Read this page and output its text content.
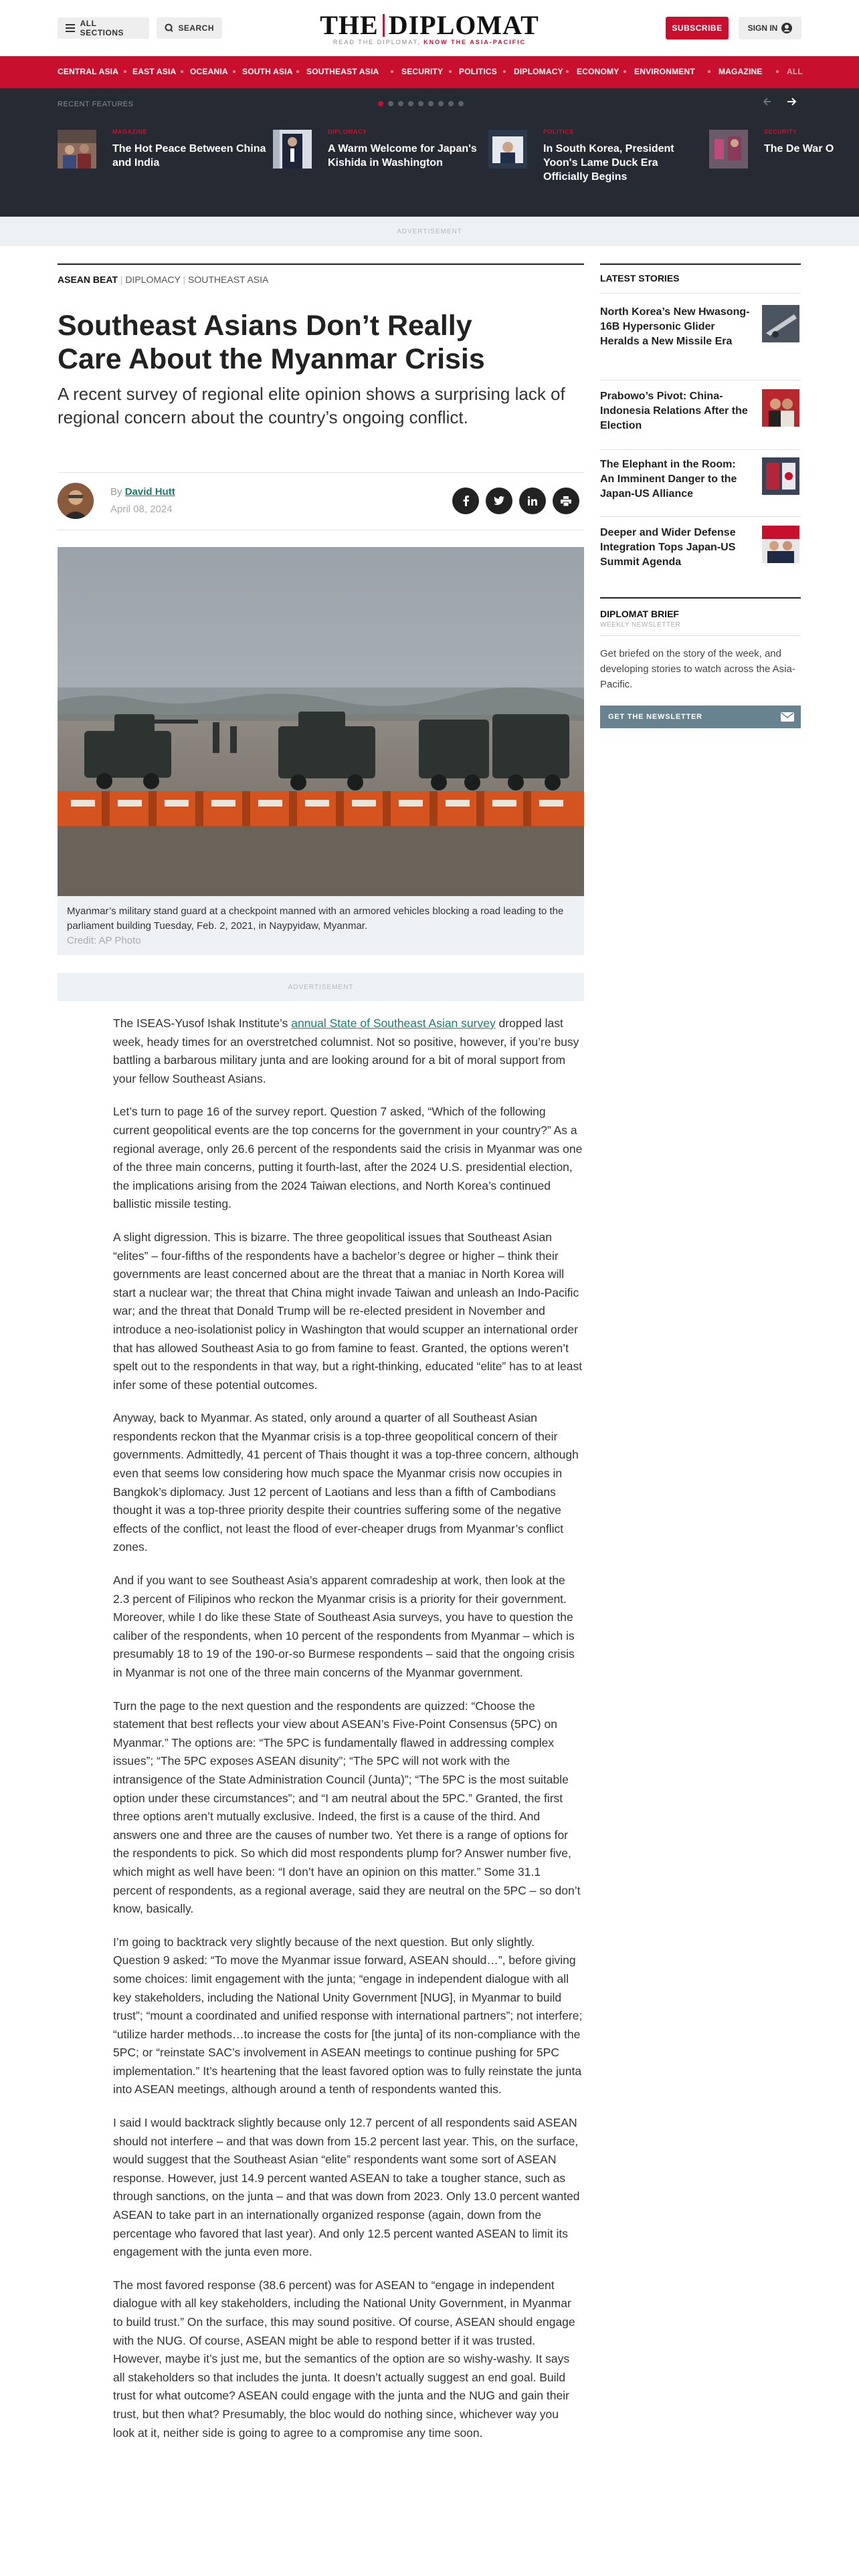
ALL SECTIONS	SEARCH	THE DIPLOMAT
READ THE DIPLOMAT, KNOW THE ASIA-PACIFIC
SUBSCRIBE	SIGN IN
CENTRAL ASIA EAST ASIA OCEANIA SOUTH ASIA SOUTHEAST ASIA	SECURITY POLITICS DIPLOMACY ECONOMY ENVIRONMENT	MAGAZINE	ALL
RECENT FEATURES
MAGAZINE
The Hot Peace Between China and India
DIPLOMACY
A Warm Welcome for Japan's Kishida in Washington
POLITICS
In South Korea, President Yoon's Lame Duck Era Officially Begins
SECURITY
The De War O
ADVERTISEMENT
ASEAN BEAT | DIPLOMACY | SOUTHEAST ASIA
Southeast Asians Don’t Really Care About the Myanmar Crisis
A recent survey of regional elite opinion shows a surprising lack of regional concern about the country’s ongoing conflict.
By David Hutt
April 08, 2024
Myanmar’s military stand guard at a checkpoint manned with an armored vehicles blocking a road leading to the parliament building Tuesday, Feb. 2, 2021, in Naypyidaw, Myanmar.
Credit: AP Photo
ADVERTISEMENT

The ISEAS-Yusof Ishak Institute’s annual State of Southeast Asian survey dropped last week, heady times for an overstretched columnist. Not so positive, however, if you’re busy battling a barbarous military junta and are looking around for a bit of moral support from your fellow Southeast Asians.

Let’s turn to page 16 of the survey report. Question 7 asked, “Which of the following current geopolitical events are the top concerns for the government in your country?” As a regional average, only 26.6 percent of the respondents said the crisis in Myanmar was one of the three main concerns, putting it fourth-last, after the 2024 U.S. presidential election, the implications arising from the 2024 Taiwan elections, and North Korea’s continued ballistic missile testing.

A slight digression. This is bizarre. The three geopolitical issues that Southeast Asian “elites” – four-fifths of the respondents have a bachelor’s degree or higher – think their governments are least concerned about are the threat that a maniac in North Korea will start a nuclear war; the threat that China might invade Taiwan and unleash an Indo-Pacific war; and the threat that Donald Trump will be re-elected president in November and introduce a neo-isolationist policy in Washington that would scupper an international order that has allowed Southeast Asia to go from famine to feast. Granted, the options weren’t spelt out to the respondents in that way, but a right-thinking, educated “elite” has to at least infer some of these potential outcomes.

Anyway, back to Myanmar. As stated, only around a quarter of all Southeast Asian respondents reckon that the Myanmar crisis is a top-three geopolitical concern of their governments. Admittedly, 41 percent of Thais thought it was a top-three concern, although even that seems low considering how much space the Myanmar crisis now occupies in Bangkok’s diplomacy. Just 12 percent of Laotians and less than a fifth of Cambodians thought it was a top-three priority despite their countries suffering some of the negative effects of the conflict, not least the flood of ever-cheaper drugs from Myanmar’s conflict zones.

And if you want to see Southeast Asia’s apparent comradeship at work, then look at the 2.3 percent of Filipinos who reckon the Myanmar crisis is a priority for their government. Moreover, while I do like these State of Southeast Asia surveys, you have to question the caliber of the respondents, when 10 percent of the respondents from Myanmar – which is presumably 18 to 19 of the 190-or-so Burmese respondents – said that the ongoing crisis in Myanmar is not one of the three main concerns of the Myanmar government.

Turn the page to the next question and the respondents are quizzed: “Choose the statement that best reflects your view about ASEAN’s Five-Point Consensus (5PC) on Myanmar.” The options are: “The 5PC is fundamentally flawed in addressing complex issues”; “The 5PC exposes ASEAN disunity”; “The 5PC will not work with the intransigence of the State Administration Council (Junta)”; “The 5PC is the most suitable option under these circumstances”; and “I am neutral about the 5PC.” Granted, the first three options aren’t mutually exclusive. Indeed, the first is a cause of the third. And answers one and three are the causes of number two. Yet there is a range of options for the respondents to pick. So which did most respondents plump for? Answer number five, which might as well have been: “I don’t have an opinion on this matter.” Some 31.1 percent of respondents, as a regional average, said they are neutral on the 5PC – so don’t know, basically.

I’m going to backtrack very slightly because of the next question. But only slightly. Question 9 asked: “To move the Myanmar issue forward, ASEAN should…”, before giving some choices: limit engagement with the junta; “engage in independent dialogue with all key stakeholders, including the National Unity Government [NUG], in Myanmar to build trust”; “mount a coordinated and unified response with international partners”; not interfere; “utilize harder methods…to increase the costs for [the junta] of its non-compliance with the 5PC; or “reinstate SAC’s involvement in ASEAN meetings to continue pushing for 5PC implementation.” It’s heartening that the least favored option was to fully reinstate the junta into ASEAN meetings, although around a tenth of respondents wanted this.

I said I would backtrack slightly because only 12.7 percent of all respondents said ASEAN should not interfere – and that was down from 15.2 percent last year. This, on the surface, would suggest that the Southeast Asian “elite” respondents want some sort of ASEAN response. However, just 14.9 percent wanted ASEAN to take a tougher stance, such as through sanctions, on the junta – and that was down from 2023. Only 13.0 percent wanted ASEAN to take part in an internationally organized response (again, down from the percentage who favored that last year). And only 12.5 percent wanted ASEAN to limit its engagement with the junta even more.

The most favored response (38.6 percent) was for ASEAN to “engage in independent dialogue with all key stakeholders, including the National Unity Government, in Myanmar to build trust.” On the surface, this may sound positive. Of course, ASEAN should engage with the NUG. Of course, ASEAN might be able to respond better if it was trusted. However, maybe it’s just me, but the semantics of the option are so wishy-washy. It says all stakeholders so that includes the junta. It doesn’t actually suggest an end goal. Build trust for what outcome? ASEAN could engage with the junta and the NUG and gain their trust, but then what? Presumably, the bloc would do nothing since, whichever way you look at it, neither side is going to agree to a compromise any time soon.

LATEST STORIES
North Korea’s New Hwasong-16B Hypersonic Glider Heralds a New Missile Era
Prabowo’s Pivot: China-Indonesia Relations After the Election
The Elephant in the Room: An Imminent Danger to the Japan-US Alliance
Deeper and Wider Defense Integration Tops Japan-US Summit Agenda
DIPLOMAT BRIEF
WEEKLY NEWSLETTER
Get briefed on the story of the week, and developing stories to watch across the Asia-Pacific.
GET THE NEWSLETTER
